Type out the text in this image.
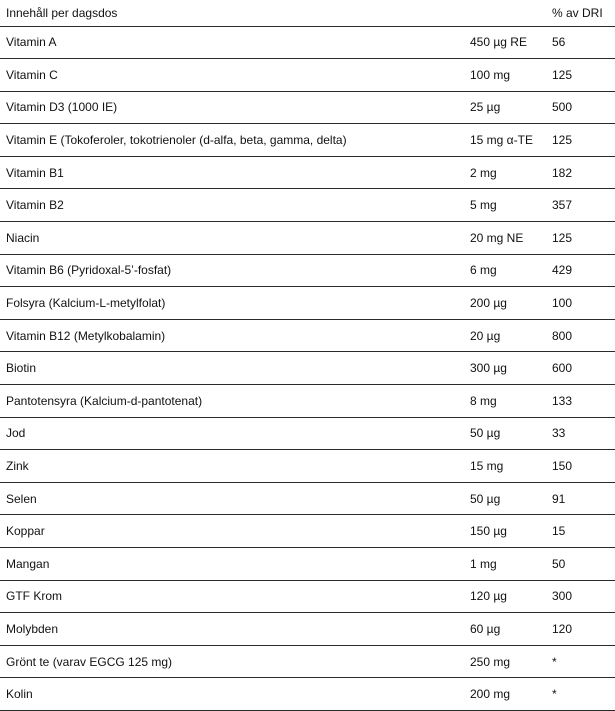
Innehåll per dagsdos		% av DRI
Vitamin A	450 µg RE	56
Vitamin C	100 mg	125
Vitamin D3 (1000 IE)	25 µg	500
Vitamin E (Tokoferoler, tokotrienoler (d-alfa, beta, gamma, delta)	15 mg α-TE	125
Vitamin B1	2 mg	182
Vitamin B2	5 mg	357
Niacin	20 mg NE	125
Vitamin B6 (Pyridoxal-5’-fosfat)	6 mg	429
Folsyra (Kalcium-L-metylfolat)	200 µg	100
Vitamin B12 (Metylkobalamin)	20 µg	800
Biotin	300 µg	600
Pantotensyra (Kalcium-d-pantotenat)	8 mg	133
Jod	50 µg	33
Zink	15 mg	150
Selen	50 µg	91
Koppar	150 µg	15
Mangan	1 mg	50
GTF Krom	120 µg	300
Molybden	60 µg	120
Grönt te (varav EGCG 125 mg)	250 mg	*
Kolin	200 mg	*
